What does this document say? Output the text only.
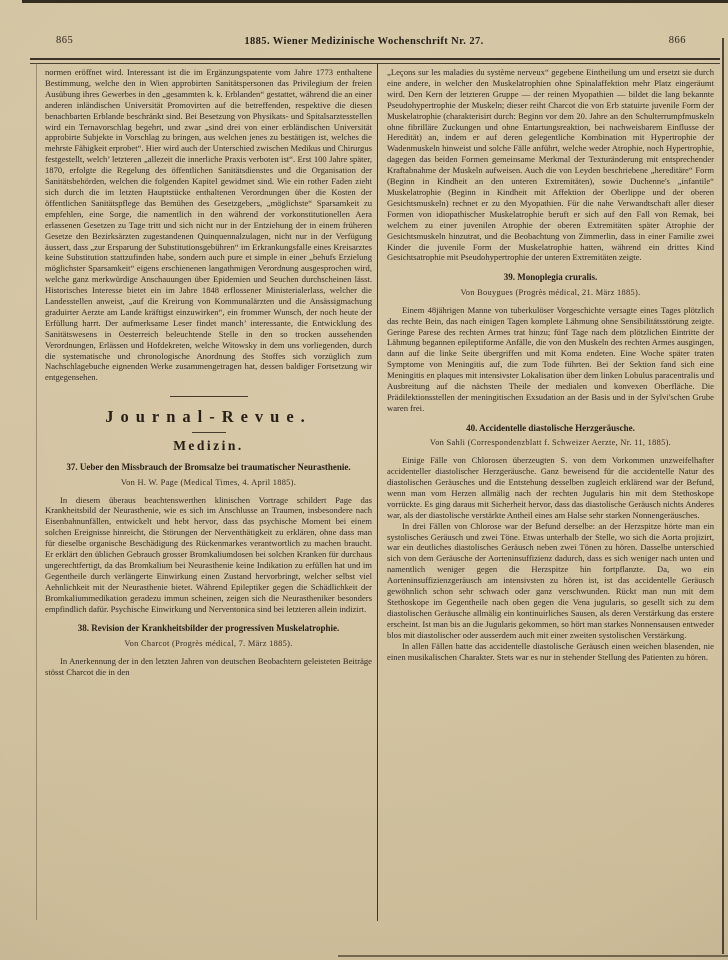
865	1885. Wiener Medizinische Wochenschrift Nr. 27.	866

normen eröffnet wird. Interessant ist die im Ergänzungspatente vom Jahre 1773 enthaltene Bestimmung, welche den in Wien approbirten Sanitätspersonen das Privilegium der freien Ausübung ihres Gewerbes in den „gesammten k. k. Erblanden“ gestattet, während die an einer anderen inländischen Universität Promovirten auf die betreffenden, respektive die diesen benachbarten Erblande beschränkt sind. Bei Besetzung von Physikats- und Spitalsarztesstellen wird ein Ternavorschlag begehrt, und zwar „sind drei von einer erbländischen Universität approbirte Subjekte in Vorschlag zu bringen, aus welchen jenes zu bestätigen ist, welches die mehrste Fähigkeit erprobet“. Hier wird auch der Unterschied zwischen Medikus und Chirurgus festgestellt, welch’ letzteren „allezeit die innerliche Praxis verboten ist“. Erst 100 Jahre später, 1870, erfolgte die Regelung des öffentlichen Sanitätsdienstes und die Organisation der Sanitätsbehörden, welchen die folgenden Kapitel gewidmet sind. Wie ein rother Faden zieht sich durch die im letzten Hauptstücke enthaltenen Verordnungen über die Kosten der öffentlichen Sanitätspflege das Bemühen des Gesetzgebers, „möglichste“ Sparsamkeit zu empfehlen, eine Sorge, die namentlich in den während der vorkonstitutionellen Aera erlassenen Gesetzen zu Tage tritt und sich nicht nur in der Entziehung der in einem früheren Gesetze den Bezirksärzten zugestandenen Quinquennalzulagen, nicht nur in der Verfügung äussert, dass „zur Ersparung der Substitutionsgebühren“ im Erkrankungsfalle eines Kreisarztes keine Substitution stattzufinden habe, sondern auch pure et simple in einer „behufs Erzielung möglichster Sparsamkeit“ eigens erschienenen langathmigen Verordnung ausgesprochen wird, welche ganz merkwürdige Anschauungen über Epidemien und Seuchen durchscheinen lässt. Historisches Interesse bietet ein im Jahre 1848 erflossener Ministerialerlass, welcher die Landesstellen anweist, „auf die Kreirung von Kommunalärzten und die Ansässigmachung graduirter Aerzte am Lande kräftigst einzuwirken“, ein frommer Wunsch, der noch heute der Erfüllung harrt. Der aufmerksame Leser findet manch’ interessante, die Entwicklung des Sanitätswesens in Oesterreich beleuchtende Stelle in den so trocken aussehenden Verordnungen, Erlässen und Hofdekreten, welche Witowsky in dem uns vorliegenden, durch die systematische und chronologische Anordnung des Stoffes sich vorzüglich zum Nachschlagebuche eignenden Werke zusammengetragen hat, dessen baldiger Fortsetzung wir entgegensehen.

Journal-Revue.
Medizin.

37. Ueber den Missbrauch der Bromsalze bei traumatischer Neurasthenie.

Von H. W. Page (Medical Times, 4. April 1885).

In diesem überaus beachtenswerthen klinischen Vortrage schildert Page das Krankheitsbild der Neurasthenie, wie es sich im Anschlusse an Traumen, insbesondere nach Eisenbahnunfällen, entwickelt und hebt hervor, dass das psychische Moment bei einem solchen Ereignisse hinreicht, die Störungen der Nerventhätigkeit zu erklären, ohne dass man für dieselbe organische Beschädigung des Rückenmarkes verantwortlich zu machen braucht. Er erklärt den üblichen Gebrauch grosser Bromkaliumdosen bei solchen Kranken für durchaus ungerechtfertigt, da das Bromkalium bei Neurasthenie keine Indikation zu erfüllen hat und im Gegentheile durch verlängerte Einwirkung einen Zustand hervorbringt, welcher selbst viel Aehnlichkeit mit der Neurasthenie bietet. Während Epileptiker gegen die Schädlichkeit der Bromkaliummedikation geradezu immun scheinen, zeigen sich die Neurastheniker besonders empfindlich dafür. Psychische Einwirkung und Nerventonica sind bei letzteren allein indizirt.

38. Revision der Krankheitsbilder der progressiven Muskelatrophie.

Von Charcot (Progrès médical, 7. März 1885).

In Anerkennung der in den letzten Jahren von deutschen Beobachtern geleisteten Beiträge stösst Charcot die in den

„Leçons sur les maladies du système nerveux“ gegebene Eintheilung um und ersetzt sie durch eine andere, in welcher den Muskelatrophien ohne Spinalaffektion mehr Platz eingeräumt wird. Den Kern der letzteren Gruppe — der reinen Myopathien — bildet die lang bekannte Pseudohypertrophie der Muskeln; dieser reiht Charcot die von Erb statuirte juvenile Form der Muskelatrophie (charakterisirt durch: Beginn vor dem 20. Jahre an den Schulterrumpfmuskeln ohne fibrilläre Zuckungen und ohne Entartungsreaktion, bei nachweisbarem Einflusse der Heredität) an, indem er auf deren gelegentliche Kombination mit Hypertrophie der Wadenmuskeln hinweist und solche Fälle anführt, welche weder Atrophie, noch Hypertrophie, dagegen das beiden Formen gemeinsame Merkmal der Texturänderung mit entsprechender Kraftabnahme der Muskeln aufweisen. Auch die von Leyden beschriebene „hereditäre“ Form (Beginn in Kindheit an den unteren Extremitäten), sowie Duchenne's „infantile“ Muskelatrophie (Beginn in Kindheit mit Affektion der Oberlippe und der oberen Gesichtsmuskeln) rechnet er zu den Myopathien. Für die nahe Verwandtschaft aller dieser Formen von idiopathischer Muskelatrophie beruft er sich auf den Fall von Remak, bei welchem zu einer juvenilen Atrophie der oberen Extremitäten später Atrophie der Gesichtsmuskeln hinzutrat, und die Beobachtung von Zimmerlin, dass in einer Familie zwei Kinder die juvenile Form der Muskelatrophie hatten, während ein drittes Kind Gesichtsatrophie mit Pseudohypertrophie der unteren Extremitäten zeigte.

39. Monoplegia cruralis.

Von Bouygues (Progrès médical, 21. März 1885).

Einem 48jährigen Manne von tuberkulöser Vorgeschichte versagte eines Tages plötzlich das rechte Bein, das nach einigen Tagen komplete Lähmung ohne Sensibilitätsstörung zeigte. Geringe Parese des rechten Armes trat hinzu; fünf Tage nach dem plötzlichen Eintritte der Lähmung begannen epileptiforme Anfälle, die von den Muskeln des rechten Armes ausgingen, dann auf die linke Seite übergriffen und mit Koma endeten. Eine Woche später traten Symptome von Meningitis auf, die zum Tode führten. Bei der Sektion fand sich eine Meningitis en plaques mit intensivster Lokalisation über dem linken Lobulus paracentralis und Ausbreitung auf die nächsten Theile der medialen und konvexen Oberfläche. Die Prädilektionsstellen der meningitischen Exsudation an der Basis und in der Sylvi'schen Grube waren frei.

40. Accidentelle diastolische Herzgeräusche.

Von Sahli (Correspondenzblatt f. Schweizer Aerzte, Nr. 11, 1885).

Einige Fälle von Chlorosen überzeugten S. von dem Vorkommen unzweifelhafter accidenteller diastolischer Herzgeräusche. Ganz beweisend für die accidentelle Natur des diastolischen Geräusches und die Entstehung desselben zugleich erklärend war der Befund, wenn man vom Herzen allmälig nach der rechten Jugularis hin mit dem Stethoskope vorrückte. Es ging daraus mit Sicherheit hervor, dass das diastolische Geräusch nichts Anderes war, als der diastolische verstärkte Antheil eines am Halse sehr starken Nonnengeräusches.

In drei Fällen von Chlorose war der Befund derselbe: an der Herzspitze hörte man ein systolisches Geräusch und zwei Töne. Etwas unterhalb der Stelle, wo sich die Aorta projizirt, war ein deutliches diastolisches Geräusch neben zwei Tönen zu hören. Dasselbe unterschied sich von dem Geräusche der Aorteninsuffizienz dadurch, dass es sich weniger nach unten und namentlich weniger gegen die Herzspitze hin fortpflanzte. Da, wo ein Aorteninsuffizienzgeräusch am intensivsten zu hören ist, ist das accidentelle Geräusch gewöhnlich schon sehr schwach oder ganz verschwunden. Rückt man nun mit dem Stethoskope im Gegentheile nach oben gegen die Vena jugularis, so gesellt sich zu dem diastolischen Geräusche allmälig ein kontinuirliches Sausen, als deren Verstärkung das erstere erscheint. Ist man bis an die Jugularis gekommen, so hört man starkes Nonnensausen entweder blos mit diastolischer oder ausserdem auch mit einer zweiten systolischen Verstärkung.

In allen Fällen hatte das accidentelle diastolische Geräusch einen weichen blasenden, nie einen musikalischen Charakter. Stets war es nur in stehender Stellung des Patienten zu hören.
